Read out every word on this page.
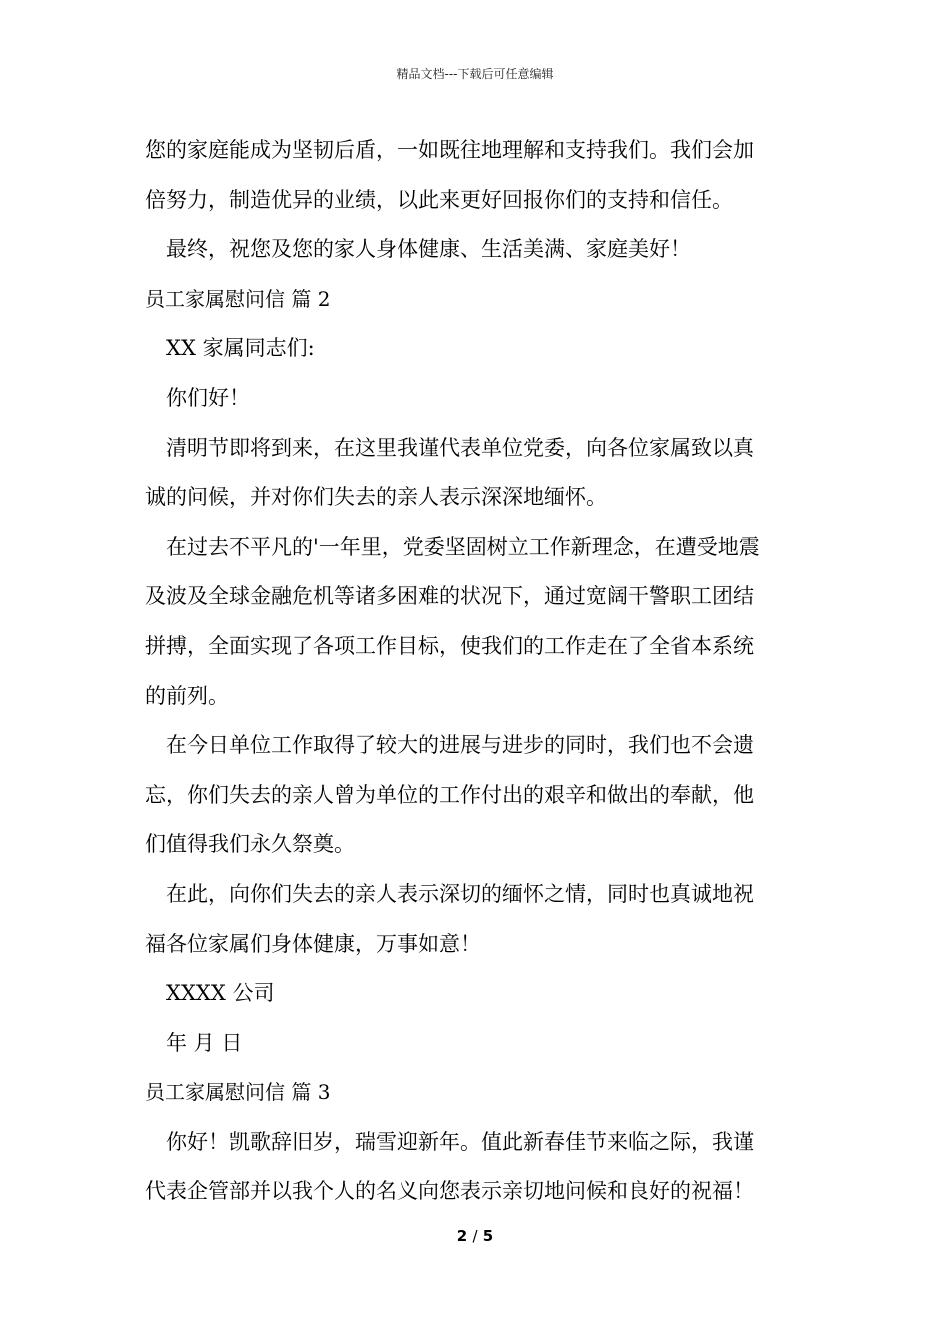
精品文档---下载后可任意编辑
您的家庭能成为坚韧后盾，一如既往地理解和支持我们。我们会加
倍努力，制造优异的业绩，以此来更好回报你们的支持和信任。
最终，祝您及您的家人身体健康、生活美满、家庭美好！
员工家属慰问信 篇 2
XX 家属同志们:
你们好！
清明节即将到来，在这里我谨代表单位党委，向各位家属致以真
诚的问候，并对你们失去的亲人表示深深地缅怀。
在过去不平凡的'一年里，党委坚固树立工作新理念，在遭受地震
及波及全球金融危机等诸多困难的状况下，通过宽阔干警职工团结
拼搏，全面实现了各项工作目标，使我们的工作走在了全省本系统
的前列。
在今日单位工作取得了较大的进展与进步的同时，我们也不会遗
忘，你们失去的亲人曾为单位的工作付出的艰辛和做出的奉献，他
们值得我们永久祭奠。
在此，向你们失去的亲人表示深切的缅怀之情，同时也真诚地祝
福各位家属们身体健康，万事如意！
XXXX 公司
年 月 日
员工家属慰问信 篇 3
你好！凯歌辞旧岁，瑞雪迎新年。值此新春佳节来临之际，我谨
代表企管部并以我个人的名义向您表示亲切地问候和良好的祝福！
2 / 5
